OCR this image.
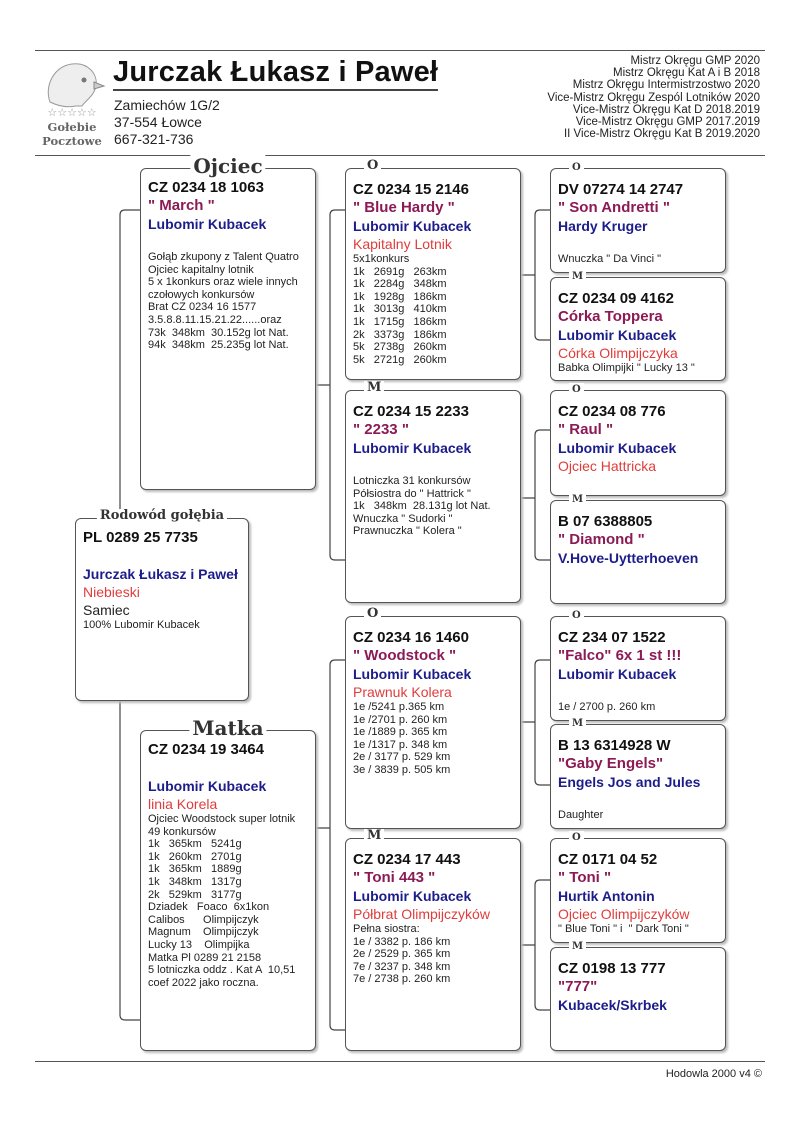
☆☆☆☆☆
Gołebie
Pocztowe
Jurczak Łukasz i Paweł
Zamiechów 1G/2
37-554 Łowce
667-321-736
Mistrz Okręgu GMP 2020
Mistrz Okręgu Kat A i B 2018
Mistrz Okręgu Intermistrzostwo 2020
Vice-Mistrz Okręgu Zespól Lotników 2020
Vice-Mistrz Okręgu Kat D 2018.2019
Vice-Mistrz Okręgu GMP 2017.2019
II Vice-Mistrz Okręgu Kat B 2019.2020
Rodowód gołębia
PL 0289 25 7735
Jurczak Łukasz i Paweł
Niebieski
Samiec
100% Lubomir Kubacek
Ojciec
CZ 0234 18 1063
" March "
Lubomir Kubacek
Gołąb zkupony z Talent Quatro
Ojciec kapitalny lotnik
5 x 1konkurs oraz wiele innych
czołowych konkursów
Brat CZ 0234 16 1577
3.5.8.8.11.15.21.22......oraz
73k  348km  30.152g lot Nat.
94k  348km  25.235g lot Nat.
O
CZ 0234 15 2146
" Blue Hardy "
Lubomir Kubacek
Kapitalny Lotnik
5x1konkurs
1k   2691g   263km
1k   2284g   348km
1k   1928g   186km
1k   3013g   410km
1k   1715g   186km
2k   3373g   186km
5k   2738g   260km
5k   2721g   260km
O
DV 07274 14 2747
" Son Andretti "
Hardy Kruger
Wnuczka " Da Vinci "
M
CZ 0234 09 4162
Córka Toppera
Lubomir Kubacek
Córka Olimpijczyka
Babka Olimpijki " Lucky 13 "
M
CZ 0234 15 2233
" 2233 "
Lubomir Kubacek
Lotniczka 31 konkursów
Półsiostra do " Hattrick "
1k   348km  28.131g lot Nat.
Wnuczka " Sudorki "
Prawnuczka " Kolera "
O
CZ 0234 08 776
" Raul "
Lubomir Kubacek
Ojciec Hattricka
M
B 07 6388805
" Diamond "
V.Hove-Uytterhoeven
Matka
CZ 0234 19 3464
Lubomir Kubacek
linia Korela
Ojciec Woodstock super lotnik
49 konkursów
1k   365km   5241g
1k   260km   2701g
1k   365km   1889g
1k   348km   1317g
2k   529km   3177g
Dziadek   Foaco  6x1kon
Calibos      Olimpijczyk
Magnum    Olimpijczyk
Lucky 13    Olimpijka
Matka Pl 0289 21 2158
5 lotniczka oddz . Kat A  10,51
coef 2022 jako roczna.
O
CZ 0234 16 1460
" Woodstock "
Lubomir Kubacek
Prawnuk Kolera
1e /5241 p.365 km
1e /2701 p. 260 km
1e /1889 p. 365 km
1e /1317 p. 348 km
2e / 3177 p. 529 km
3e / 3839 p. 505 km
O
CZ 234 07 1522
"Falco" 6x 1 st !!!
Lubomir Kubacek
1e / 2700 p. 260 km
M
B 13 6314928 W
"Gaby Engels"
Engels Jos and Jules
Daughter
M
CZ 0234 17 443
" Toni 443 "
Lubomir Kubacek
Półbrat Olimpijczyków
Pełna siostra:
1e / 3382 p. 186 km
2e / 2529 p. 365 km
7e / 3237 p. 348 km
7e / 2738 p. 260 km
O
CZ 0171 04 52
" Toni "
Hurtik Antonin
Ojciec Olimpijczyków
" Blue Toni " i  " Dark Toni "
M
CZ 0198 13 777
"777"
Kubacek/Skrbek
Hodowla 2000 v4 ©
